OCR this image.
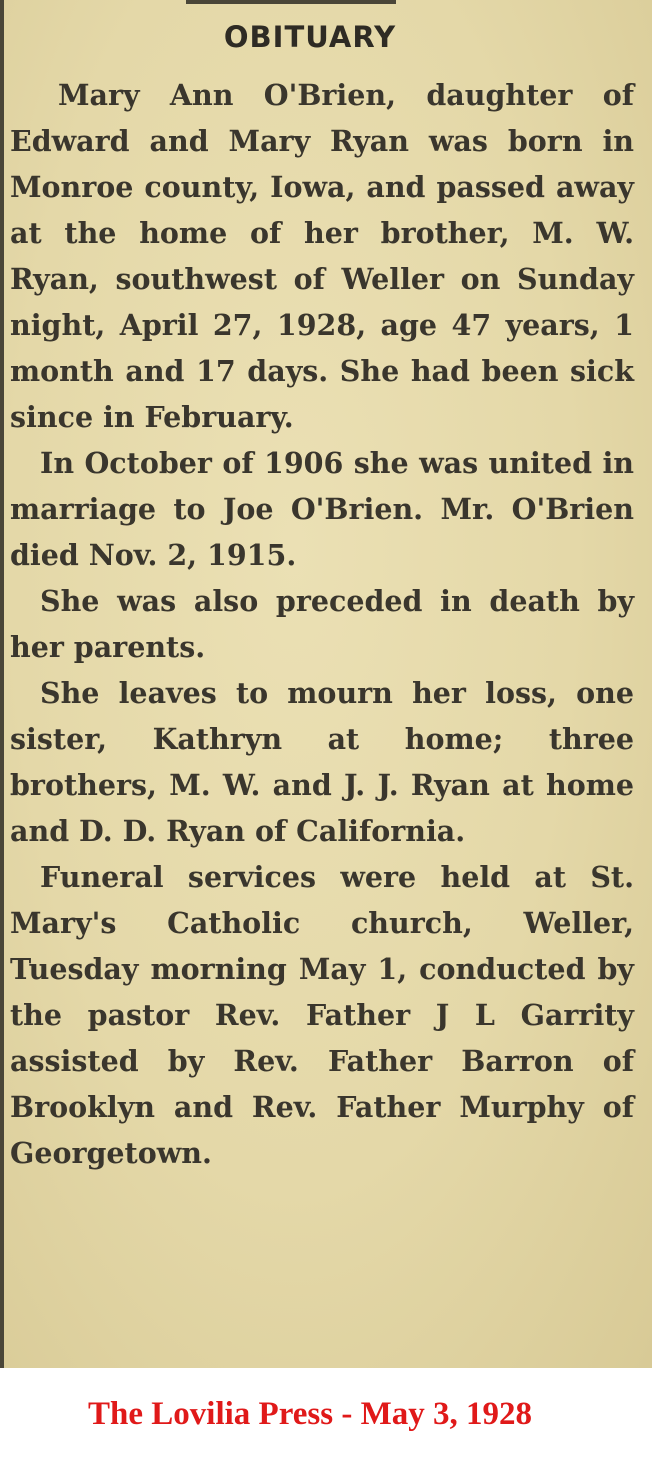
OBITUARY

Mary Ann O'Brien, daughter of Edward and Mary Ryan was born in Monroe county, Iowa, and passed away at the home of her brother, M. W. Ryan, southwest of Weller on Sunday night, April 27, 1928, age 47 years, 1 month and 17 days. She had been sick since in February.

In October of 1906 she was united in marriage to Joe O'Brien. Mr. O'Brien died Nov. 2, 1915.

She was also preceded in death by her parents.

She leaves to mourn her loss, one sister, Kathryn at home; three brothers, M. W. and J. J. Ryan at home and D. D. Ryan of California.

Funeral services were held at St. Mary's Catholic church, Weller, Tuesday morning May 1, conducted by the pastor Rev. Father J L Garrity assisted by Rev. Father Barron of Brooklyn and Rev. Father Murphy of Georgetown.

The Lovilia Press - May 3, 1928
